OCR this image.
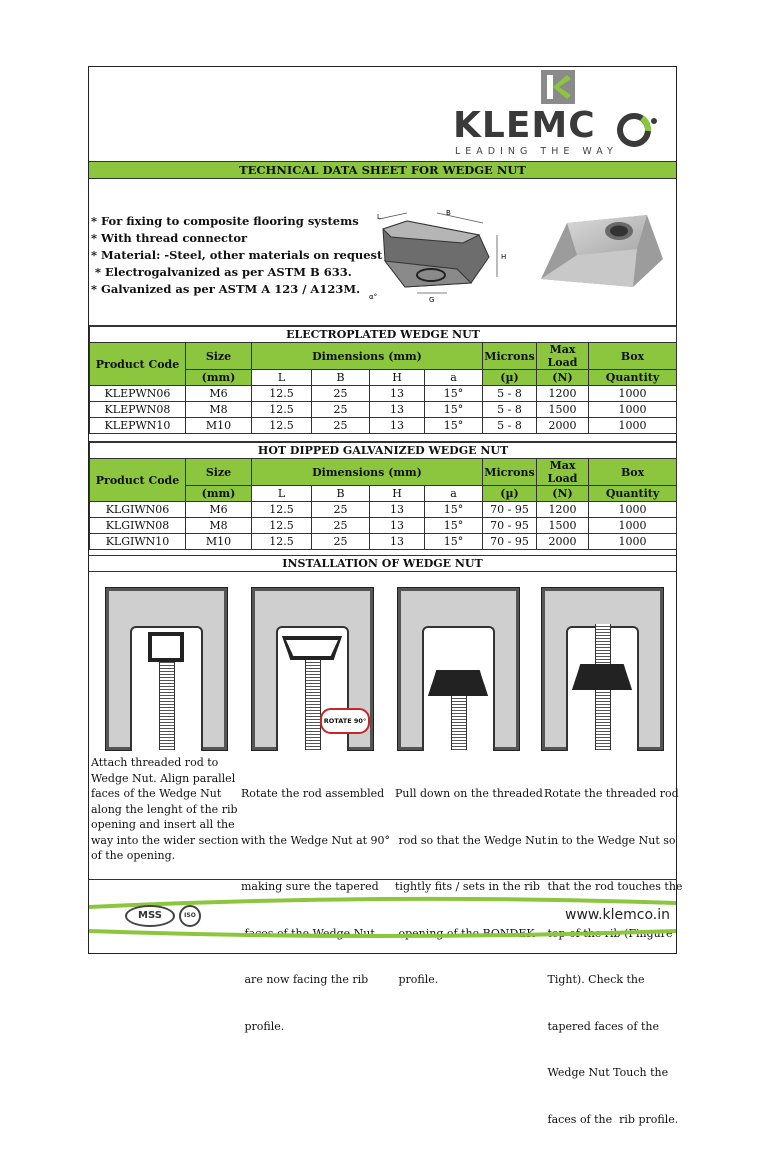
KLEMC
LEADING THE WAY
TECHNICAL DATA SHEET FOR WEDGE NUT
* For fixing to composite flooring systems
* With thread connector
* Material: -Steel, other materials on request
* Electrogalvanized as per ASTM B 633.
* Galvanized as per ASTM A 123 / A123M.
L	B
H
α°	G
ELECTROPLATED WEDGE NUT								
Product Code	Size	Dimensions (mm)				Microns	Max Load	Box
	(mm)	L	B	H	a	(µ)	(N)	Quantity
KLEPWN06	M6	12.5	25	13	15°	5 - 8	1200	1000
KLEPWN08	M8	12.5	25	13	15°	5 - 8	1500	1000
KLEPWN10	M10	12.5	25	13	15°	5 - 8	2000	1000
HOT DIPPED GALVANIZED WEDGE NUT								
Product Code	Size	Dimensions (mm)				Microns	Max Load	Box
	(mm)	L	B	H	a	(µ)	(N)	Quantity
KLGIWN06	M6	12.5	25	13	15°	70 - 95	1200	1000
KLGIWN08	M8	12.5	25	13	15°	70 - 95	1500	1000
KLGIWN10	M10	12.5	25	13	15°	70 - 95	2000	1000
INSTALLATION OF WEDGE NUT
ROTATE 90°
Attach threaded rod to
Wedge Nut. Align parallel
faces of the Wedge Nut
along the lenght of the rib
opening and insert all the
way into the wider section
of the opening.

Rotate the rod assembled

with the Wedge Nut at 90°

making sure the tapered

faces of the Wedge Nut

are now facing the rib

profile.

Pull down on the threaded

rod so that the Wedge Nut

tightly fits / sets in the rib

opening of the BONDEK

profile.

Rotate the threaded rod

in to the Wedge Nut so

that the rod touches the

top of the rib (Fingure

Tight). Check the

tapered faces of the

Wedge Nut Touch the

faces of the  rib profile.

MSS	ISO	www.klemco.in
